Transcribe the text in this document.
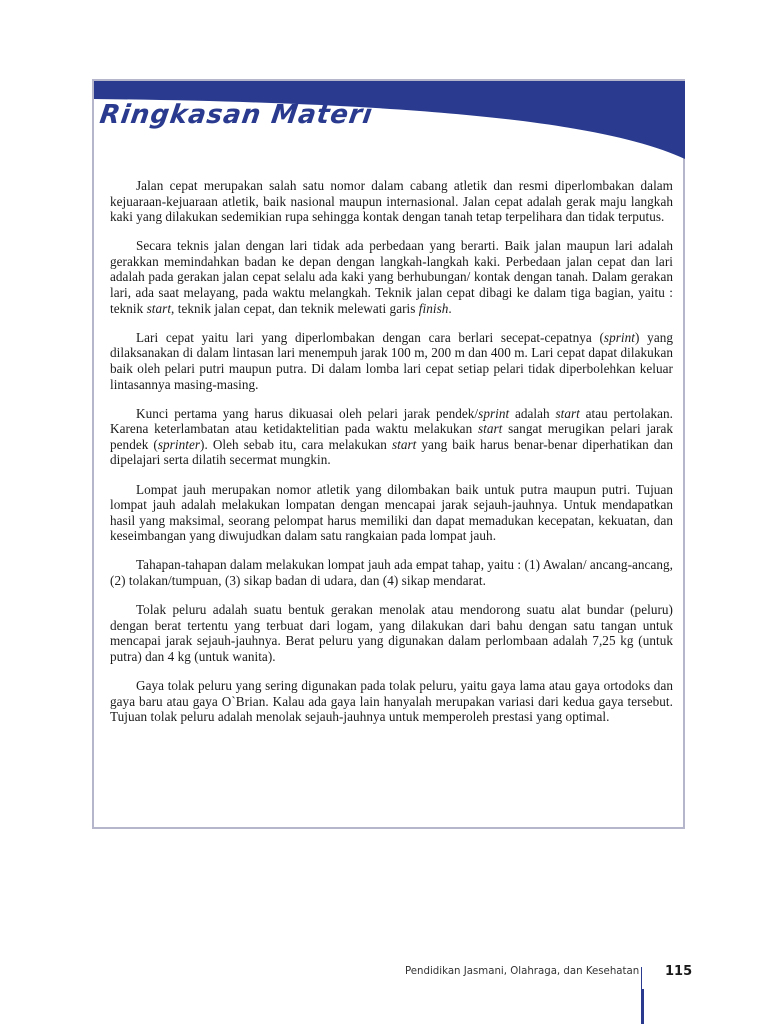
Ringkasan Materi

Jalan cepat merupakan salah satu nomor dalam cabang atletik dan resmi diperlombakan dalam kejuaraan-kejuaraan atletik, baik nasional maupun internasional. Jalan cepat adalah gerak maju langkah kaki yang dilakukan sedemikian rupa sehingga kontak dengan tanah tetap terpelihara dan tidak terputus.

Secara teknis jalan dengan lari tidak ada perbedaan yang berarti. Baik jalan maupun lari adalah gerakkan memindahkan badan ke depan dengan langkah-langkah kaki. Perbedaan jalan cepat dan lari adalah pada gerakan jalan cepat selalu ada kaki yang berhubungan/ kontak dengan tanah. Dalam gerakan lari, ada saat melayang, pada waktu melangkah. Teknik jalan cepat dibagi ke dalam tiga bagian, yaitu : teknik start, teknik jalan cepat, dan teknik melewati garis finish.

Lari cepat yaitu lari yang diperlombakan dengan cara berlari secepat-cepatnya (sprint) yang dilaksanakan di dalam lintasan lari menempuh jarak 100 m, 200 m dan 400 m. Lari cepat dapat dilakukan baik oleh pelari putri maupun putra. Di dalam lomba lari cepat setiap pelari tidak diperbolehkan keluar lintasannya masing-masing.

Kunci pertama yang harus dikuasai oleh pelari jarak pendek/sprint adalah start atau pertolakan. Karena keterlambatan atau ketidaktelitian pada waktu melakukan start sangat merugikan pelari jarak pendek (sprinter). Oleh sebab itu, cara melakukan start yang baik harus benar-benar diperhatikan dan dipelajari serta dilatih secermat mungkin.

Lompat jauh merupakan nomor atletik yang dilombakan baik untuk putra maupun putri. Tujuan lompat jauh adalah melakukan lompatan dengan mencapai jarak sejauh-jauhnya. Untuk mendapatkan hasil yang maksimal, seorang pelompat harus memiliki dan dapat memadukan kecepatan, kekuatan, dan keseimbangan yang diwujudkan dalam satu rangkaian pada lompat jauh.

Tahapan-tahapan dalam melakukan lompat jauh ada empat tahap, yaitu : (1) Awalan/ ancang-ancang, (2) tolakan/tumpuan, (3) sikap badan di udara, dan (4) sikap mendarat.

Tolak peluru adalah suatu bentuk gerakan menolak atau mendorong suatu alat bundar (peluru) dengan berat tertentu yang terbuat dari logam, yang dilakukan dari bahu dengan satu tangan untuk mencapai jarak sejauh-jauhnya. Berat peluru yang digunakan dalam perlombaan adalah 7,25 kg (untuk putra) dan 4 kg (untuk wanita).

Gaya tolak peluru yang sering digunakan pada tolak peluru, yaitu gaya lama atau gaya ortodoks dan gaya baru atau gaya O`Brian. Kalau ada gaya lain hanyalah merupakan variasi dari kedua gaya tersebut. Tujuan tolak peluru adalah menolak sejauh-jauhnya untuk memperoleh prestasi yang optimal.

Pendidikan Jasmani, Olahraga, dan Kesehatan 115
